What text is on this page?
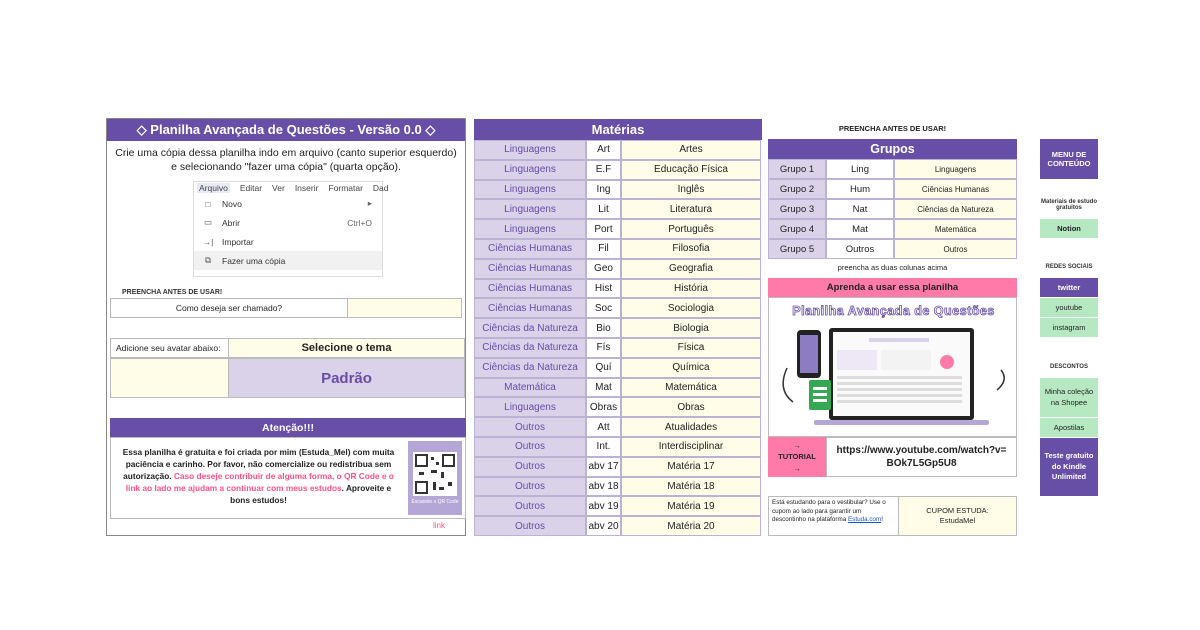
◇ Planilha Avançada de Questões - Versão 0.0 ◇
Crie uma cópia dessa planilha indo em arquivo (canto superior esquerdo) e selecionando "fazer uma cópia" (quarta opção).
Arquivo Editar Ver Inserir Formatar Dad
□	Novo	▸
▭ Abrir	Ctrl+O
→| Importar
⧉	Fazer uma cópia
PREENCHA ANTES DE USAR!
Como deseja ser chamado?
Adicione seu avatar abaixo:	Selecione o tema
Padrão
Atenção!!!
Essa planilha é gratuita e foi criada por mim (Estuda_Mel) com muita paciência e carinho. Por favor, não comercialize ou redistribua sem autorização. Caso deseje contribuir de alguma forma, o QR Code e o link ao lado me ajudam a continuar com meus estudos. Aproveite e bons estudos!	Escaneie o QR Code
link
Matérias
Linguagens	Art	Artes
Linguagens	E.F	Educação Física
Linguagens	Ing	Inglês
Linguagens	Lit	Literatura
Linguagens	Port	Português
Ciências Humanas	Fil	Filosofia
Ciências Humanas	Geo	Geografia
Ciências Humanas	Hist	História
Ciências Humanas	Soc	Sociologia
Ciências da Natureza	Bio	Biologia
Ciências da Natureza	Fís	Física
Ciências da Natureza	Quí	Química
Matemática	Mat	Matemática
Linguagens	Obras	Obras
Outros	Att	Atualidades
Outros	Int.	Interdisciplinar
Outros	abv 17	Matéria 17
Outros	abv 18	Matéria 18
Outros	abv 19	Matéria 19
Outros	abv 20	Matéria 20
PREENCHA ANTES DE USAR!
Grupos
Grupo 1	Ling	Linguagens
Grupo 2	Hum	Ciências Humanas
Grupo 3	Nat	Ciências da Natureza
Grupo 4	Mat	Matemática
Grupo 5	Outros	Outros
preencha as duas colunas acima
Aprenda a usar essa planilha
Planilha Avançada de Questões
→
TUTORIAL
→
https://www.youtube.com/watch?v=BOk7L5Gp5U8
Está estudando para o vestibular? Use o cupom ao lado para garantir um descontinho na plataforma Estuda.com!
CUPOM ESTUDA: EstudaMel
MENU DE CONTEÚDO
Materiais de estudo gratuitos
Notion
REDES SOCIAIS
twitter
youtube
instagram
DESCONTOS
Minha coleção na Shopee
Apostilas
Teste gratuito do Kindle Unlimited
